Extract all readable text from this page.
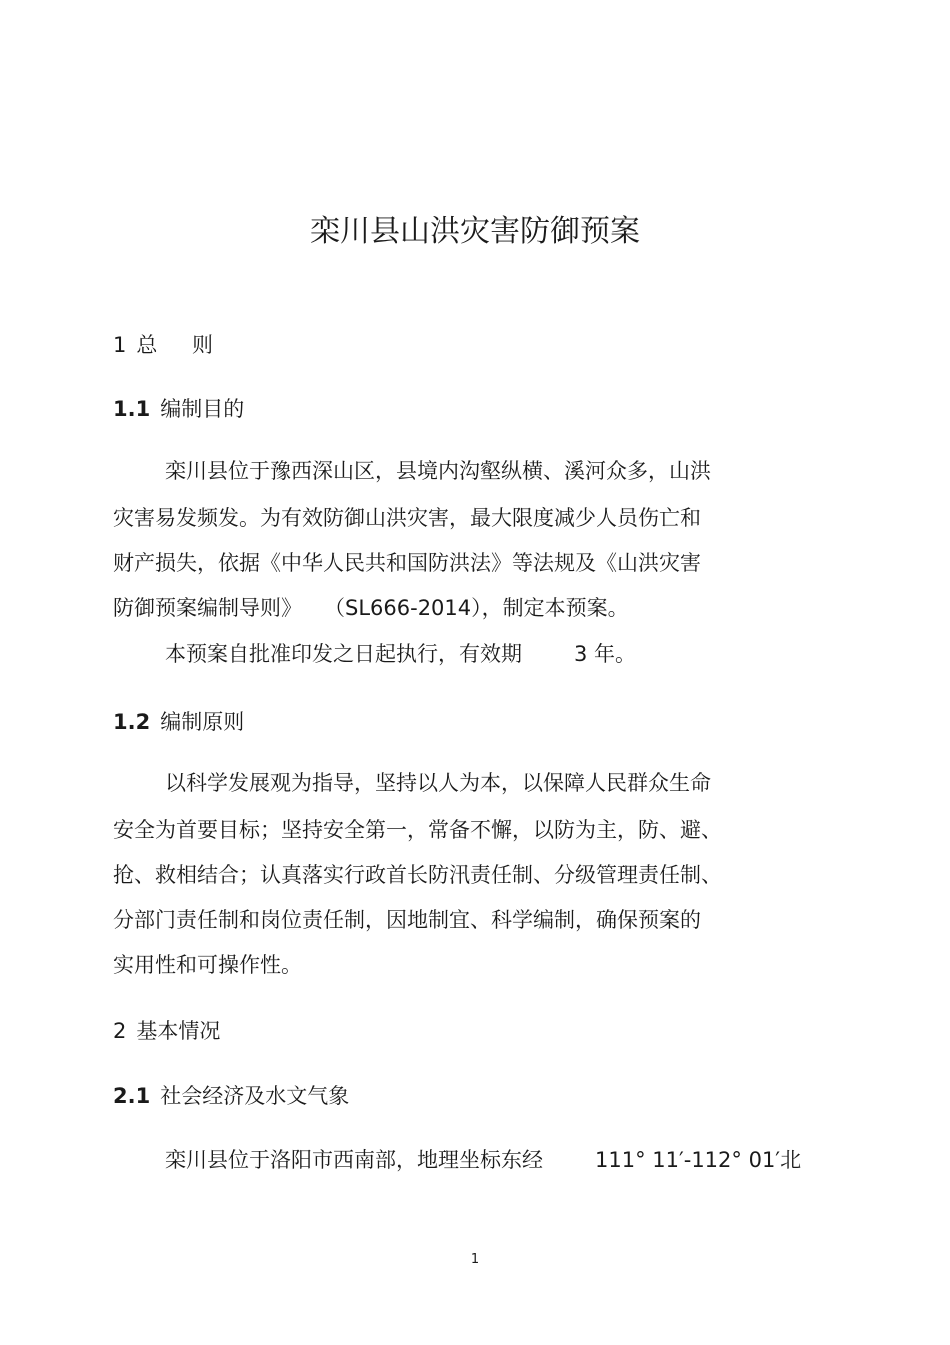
栾川县山洪灾害防御预案
1 总 则
1.1 编制目的

栾川县位于豫西深山区，县境内沟壑纵横、溪河众多，山洪

灾害易发频发。为有效防御山洪灾害，最大限度减少人员伤亡和

财产损失，依据《中华人民共和国防洪法》等法规及《山洪灾害

防御预案编制导则》 （SL666-2014），制定本预案。

本预案自批准印发之日起执行，有效期 3 年。

1.2 编制原则

以科学发展观为指导，坚持以人为本，以保障人民群众生命

安全为首要目标；坚持安全第一，常备不懈，以防为主，防、避、

抢、救相结合；认真落实行政首长防汛责任制、分级管理责任制、

分部门责任制和岗位责任制，因地制宜、科学编制，确保预案的

实用性和可操作性。

2 基本情况
2.1 社会经济及水文气象

栾川县位于洛阳市西南部，地理坐标东经 111° 11′-112° 01′北

1
